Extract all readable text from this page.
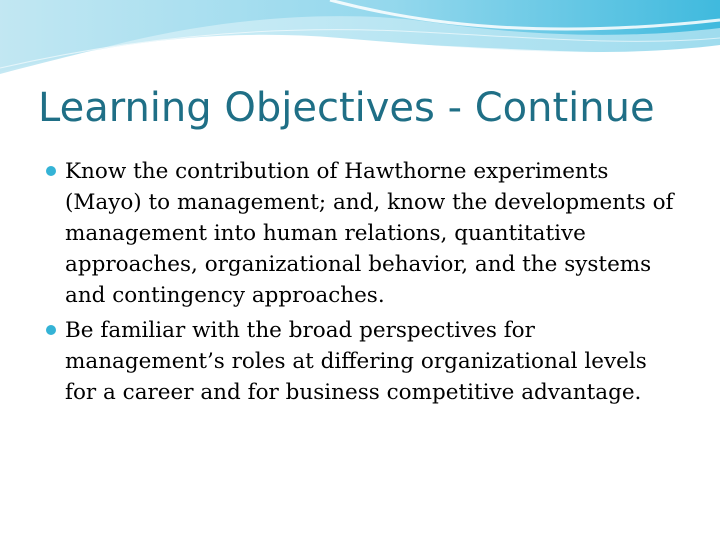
Learning Objectives - Continue
Know the contribution of Hawthorne experiments (Mayo) to management; and, know the developments of management into human relations, quantitative approaches, organizational behavior, and the systems and contingency approaches.
Be familiar with the broad perspectives for management’s roles at differing organizational levels for a career and for business competitive advantage.
